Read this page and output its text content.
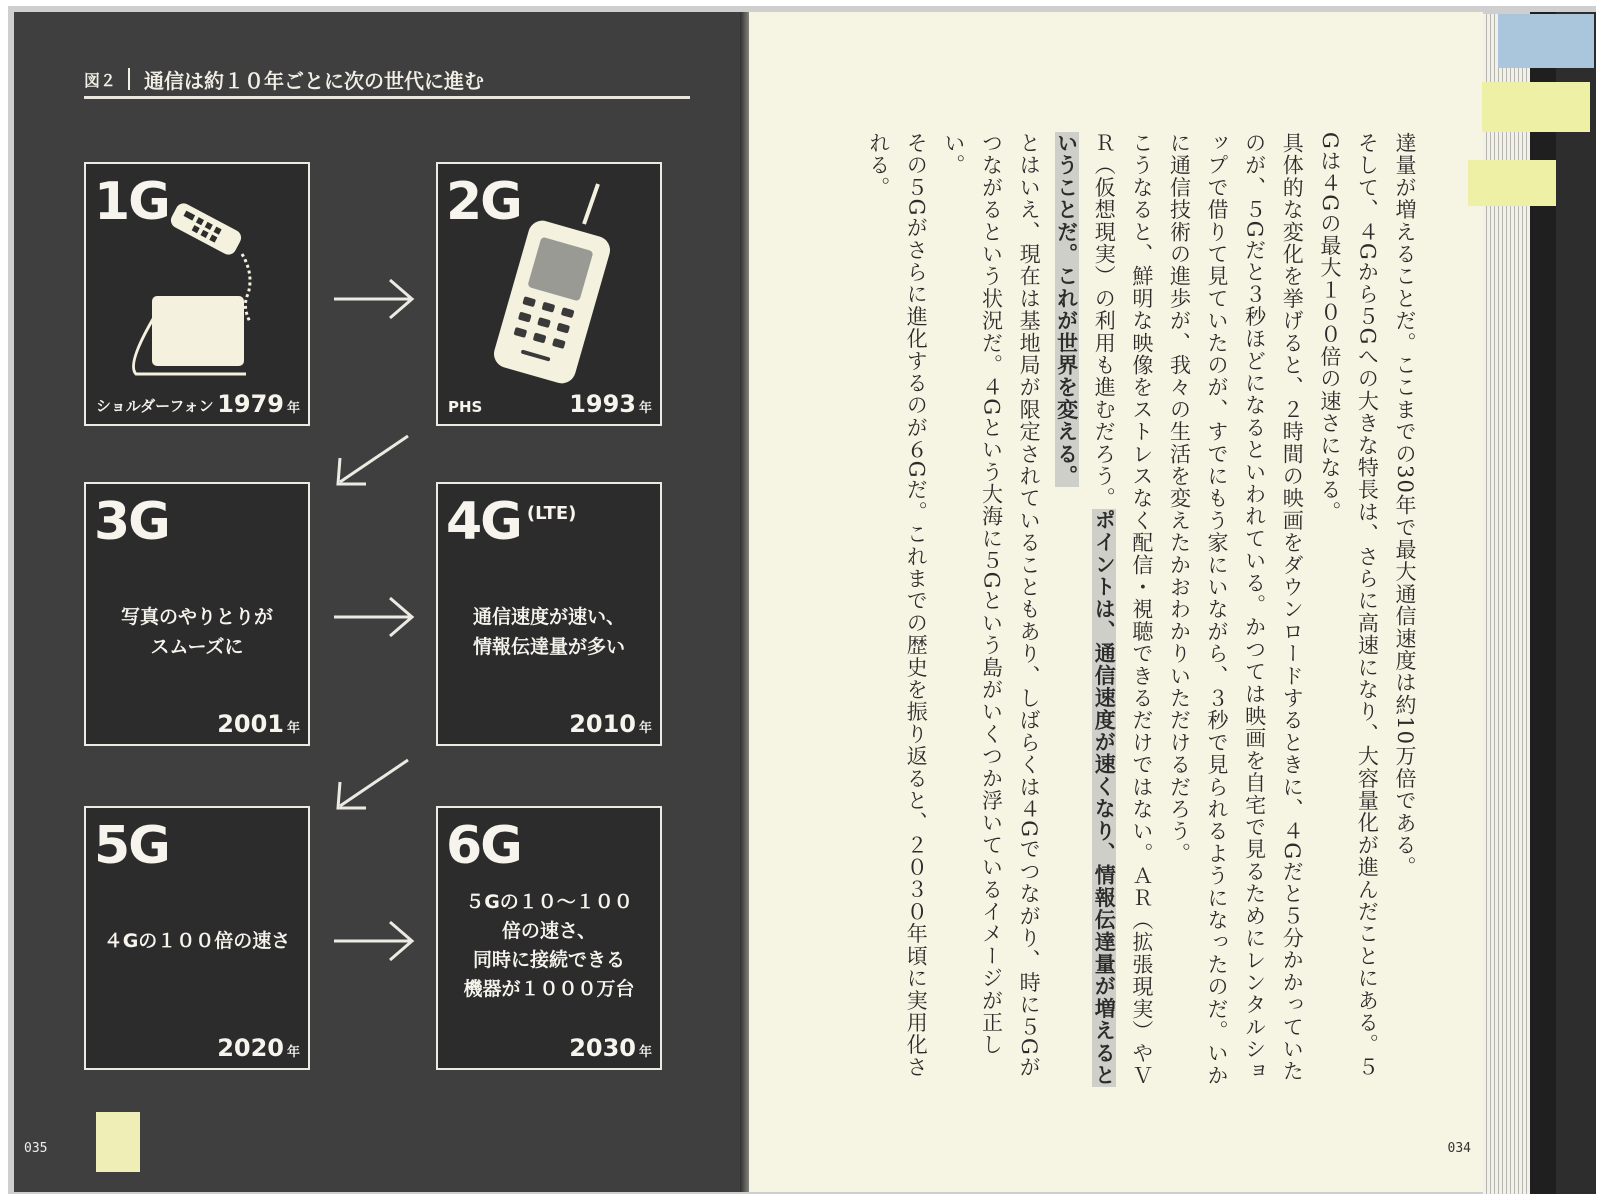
図２ 通信は約１０年ごとに次の世代に進む
ショルダーフォン
1G
1979 年	PHS
2G
1993 年
3G
写真のやりとりが
スムーズに
2001 年
4G $^{(LTE)}$
通信速度が速い、
情報伝達量が多い
2010 年
5G
４Gの１００倍の速さ
2020 年
6G
５Gの１０～１００
倍の速さ、
同時に接続できる
機器が１０００万台
2030 年
035

達量が増えることだ。ここまでの30年で最大通信速度は約10万倍である。

そして、４Gから５Gへの大きな特長は、さらに高速になり、大容量化が進んだことにある。５Gは４Gの最大１００倍の速さになる。

具体的な変化を挙げると、２時間の映画をダウンロードするときに、４Gだと５分かかっていたのが、５Gだと３秒ほどになるといわれている。かつては映画を自宅で見るためにレンタルショップで借りて見ていたのが、すでにもう家にいながら、３秒で見られるようになったのだ。いかに通信技術の進歩が、我々の生活を変えたかおわかりいただけるだろう。

こうなると、鮮明な映像をストレスなく配信・視聴できるだけではない。ＡＲ（拡張現実）やＶＲ（仮想現実）の利用も進むだろう。ポイントは、通信速度が速くなり、情報伝達量が増えるということだ。これが世界を変える。

とはいえ、現在は基地局が限定されていることもあり、しばらくは４Gでつながり、時に５Gがつながるという状況だ。４Gという大海に５Gという島がいくつか浮いているイメージが正しい。

その５Gがさらに進化するのが６Gだ。これまでの歴史を振り返ると、２０３０年頃に実用化される。

034
